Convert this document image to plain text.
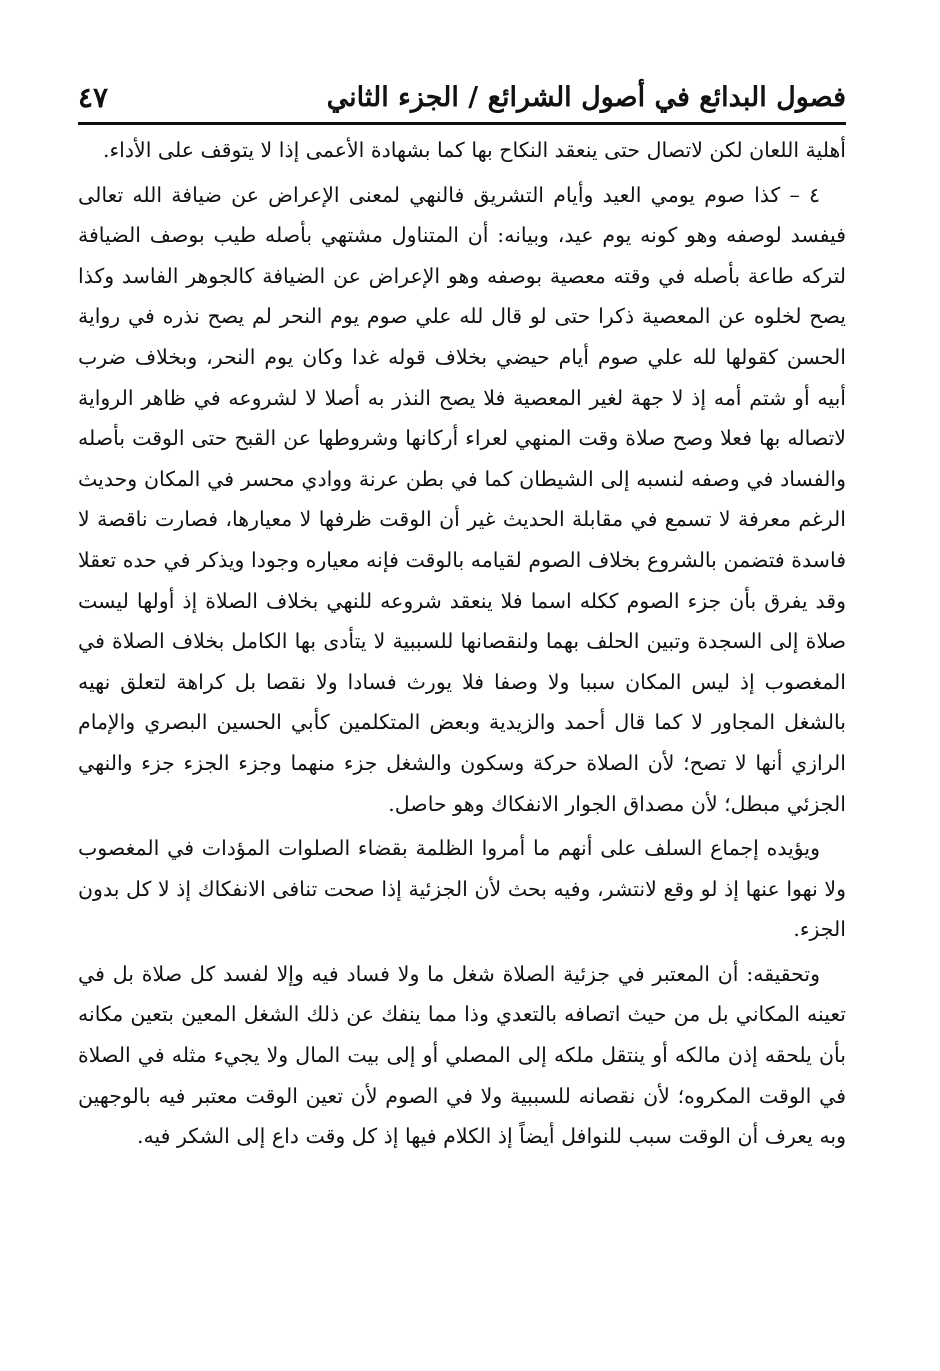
فصول البدائع في أصول الشرائع / الجزء الثاني
٤٧

أهلية اللعان لكن لاتصال حتى ينعقد النكاح بها كما بشهادة الأعمى إذا لا يتوقف على الأداء.

٤ – كذا صوم يومي العيد وأيام التشريق فالنهي لمعنى الإعراض عن ضيافة الله تعالى فيفسد لوصفه وهو كونه يوم عيد، وبيانه: أن المتناول مشتهي بأصله طيب بوصف الضيافة لتركه طاعة بأصله في وقته معصية بوصفه وهو الإعراض عن الضيافة كالجوهر الفاسد وكذا يصح لخلوه عن المعصية ذكرا حتى لو قال لله علي صوم يوم النحر لم يصح نذره في رواية الحسن كقولها لله علي صوم أيام حيضي بخلاف قوله غدا وكان يوم النحر، وبخلاف ضرب أبيه أو شتم أمه إذ لا جهة لغير المعصية فلا يصح النذر به أصلا لا لشروعه في ظاهر الرواية لاتصاله بها فعلا وصح صلاة وقت المنهي لعراء أركانها وشروطها عن القبح حتى الوقت بأصله والفساد في وصفه لنسبه إلى الشيطان كما في بطن عرنة ووادي محسر في المكان وحديث الرغم معرفة لا تسمع في مقابلة الحديث غير أن الوقت ظرفها لا معيارها، فصارت ناقصة لا فاسدة فتضمن بالشروع بخلاف الصوم لقيامه بالوقت فإنه معياره وجودا ويذكر في حده تعقلا وقد يفرق بأن جزء الصوم ككله اسما فلا ينعقد شروعه للنهي بخلاف الصلاة إذ أولها ليست صلاة إلى السجدة وتبين الحلف بهما ولنقصانها للسببية لا يتأدى بها الكامل بخلاف الصلاة في المغصوب إذ ليس المكان سببا ولا وصفا فلا يورث فسادا ولا نقصا بل كراهة لتعلق نهيه بالشغل المجاور لا كما قال أحمد والزيدية وبعض المتكلمين كأبي الحسين البصري والإمام الرازي أنها لا تصح؛ لأن الصلاة حركة وسكون والشغل جزء منهما وجزء الجزء جزء والنهي الجزئي مبطل؛ لأن مصداق الجوار الانفكاك وهو حاصل.

ويؤيده إجماع السلف على أنهم ما أمروا الظلمة بقضاء الصلوات المؤدات في المغصوب ولا نهوا عنها إذ لو وقع لانتشر، وفيه بحث لأن الجزئية إذا صحت تنافى الانفكاك إذ لا كل بدون الجزء.

وتحقيقه: أن المعتبر في جزئية الصلاة شغل ما ولا فساد فيه وإلا لفسد كل صلاة بل في تعينه المكاني بل من حيث اتصافه بالتعدي وذا مما ينفك عن ذلك الشغل المعين بتعين مكانه بأن يلحقه إذن مالكه أو ينتقل ملكه إلى المصلي أو إلى بيت المال ولا يجيء مثله في الصلاة في الوقت المكروه؛ لأن نقصانه للسببية ولا في الصوم لأن تعين الوقت معتبر فيه بالوجهين وبه يعرف أن الوقت سبب للنوافل أيضاً إذ الكلام فيها إذ كل وقت داع إلى الشكر فيه.
